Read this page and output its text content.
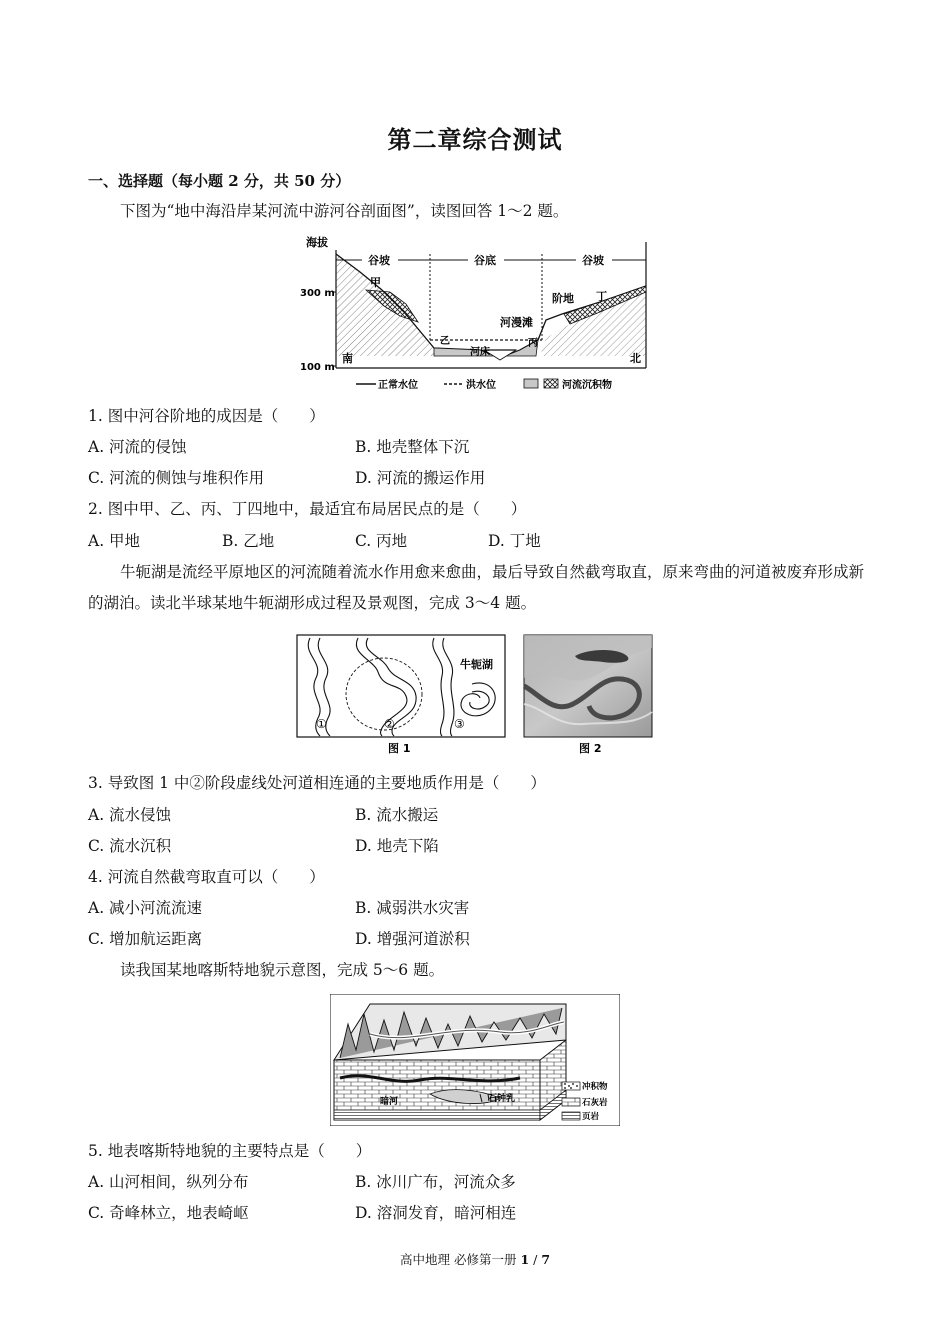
第二章综合测试
一、选择题（每小题 2 分，共 50 分）
下图为“地中海沿岸某河流中游河谷剖面图”，读图回答 1～2 题。
海拔
300 m
100 m
谷坡	谷底	谷坡
甲
乙	丙
丁
阶地
河漫滩
河床
南	北
正常水位	洪水位	河流沉积物
1. 图中河谷阶地的成因是（　　）
A. 河流的侵蚀	B. 地壳整体下沉
C. 河流的侧蚀与堆积作用	D. 河流的搬运作用
2. 图中甲、乙、丙、丁四地中，最适宜布局居民点的是（　　）
A. 甲地	B. 乙地	C. 丙地	D. 丁地
牛轭湖是流经平原地区的河流随着流水作用愈来愈曲，最后导致自然截弯取直，原来弯曲的河道被废弃形成新的湖泊。读北半球某地牛轭湖形成过程及景观图，完成 3～4 题。
牛轭湖
①	②	③
图 1	图 2
3. 导致图 1 中②阶段虚线处河道相连通的主要地质作用是（　　）
A. 流水侵蚀	B. 流水搬运
C. 流水沉积	D. 地壳下陷
4. 河流自然截弯取直可以（　　）
A. 减小河流流速	B. 减弱洪水灾害
C. 增加航运距离	D. 增强河道淤积
读我国某地喀斯特地貌示意图，完成 5～6 题。
暗河	石钟乳
冲积物
石灰岩
页岩
5. 地表喀斯特地貌的主要特点是（　　）
A. 山河相间，纵列分布	B. 冰川广布，河流众多
C. 奇峰林立，地表崎岖	D. 溶洞发育，暗河相连
高中地理 必修第一册 1 / 7
